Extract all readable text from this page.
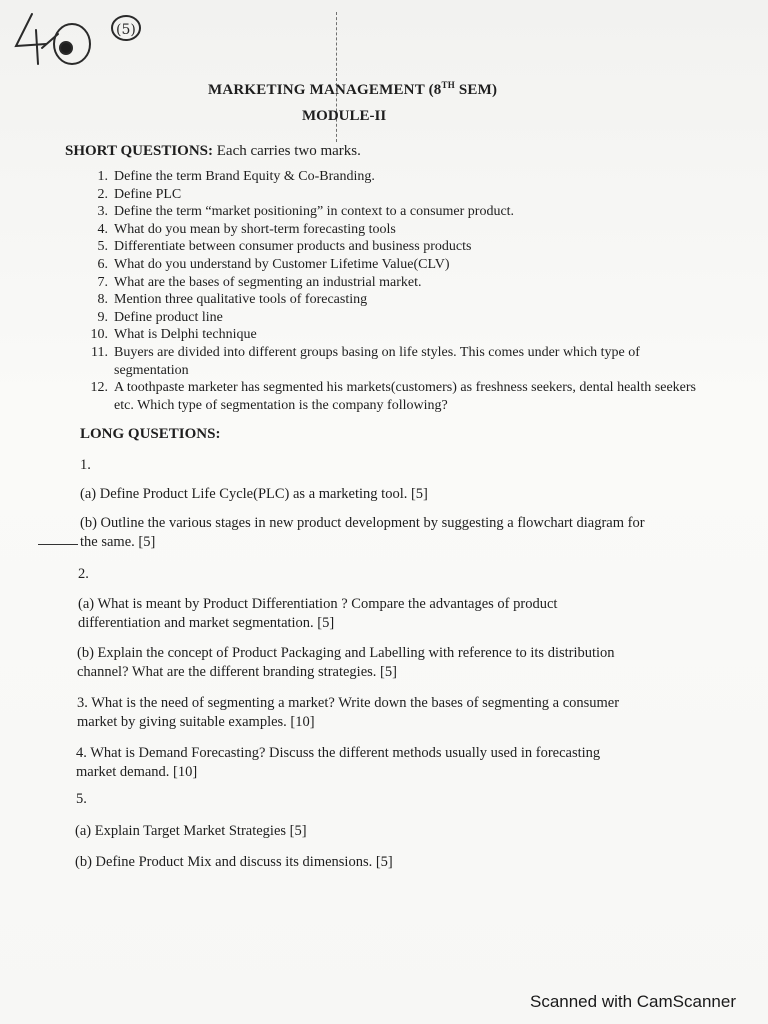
(5)
MARKETING MANAGEMENT (8TH SEM)
MODULE-II
SHORT QUESTIONS: Each carries two marks.
1. Define the term Brand Equity & Co-Branding.
2. Define PLC
3. Define the term “market positioning” in context to a consumer product.
4. What do you mean by short-term forecasting tools
5. Differentiate between consumer products and business products
6. What do you understand by Customer Lifetime Value(CLV)
7. What are the bases of segmenting an industrial market.
8. Mention three qualitative tools of forecasting
9. Define product line
10. What is Delphi technique
11. Buyers are divided into different groups basing on life styles. This comes under which type of segmentation
12. A toothpaste marketer has segmented his markets(customers) as freshness seekers, dental health seekers etc. Which type of segmentation is the company following?
LONG QUSETIONS:
1.
(a) Define Product Life Cycle(PLC) as a marketing tool. [5]
(b) Outline the various stages in new product development by suggesting a flowchart diagram for the same. [5]
2.
(a) What is meant by Product Differentiation ? Compare the advantages of product differentiation and market segmentation. [5]
(b) Explain the concept of Product Packaging and Labelling with reference to its distribution channel? What are the different branding strategies. [5]
3. What is the need of segmenting a market? Write down the bases of segmenting a consumer market by giving suitable examples. [10]
4. What is Demand Forecasting? Discuss the different methods usually used in forecasting market demand. [10]
5.
(a) Explain Target Market Strategies [5]
(b) Define Product Mix and discuss its dimensions. [5]
Scanned with CamScanner
